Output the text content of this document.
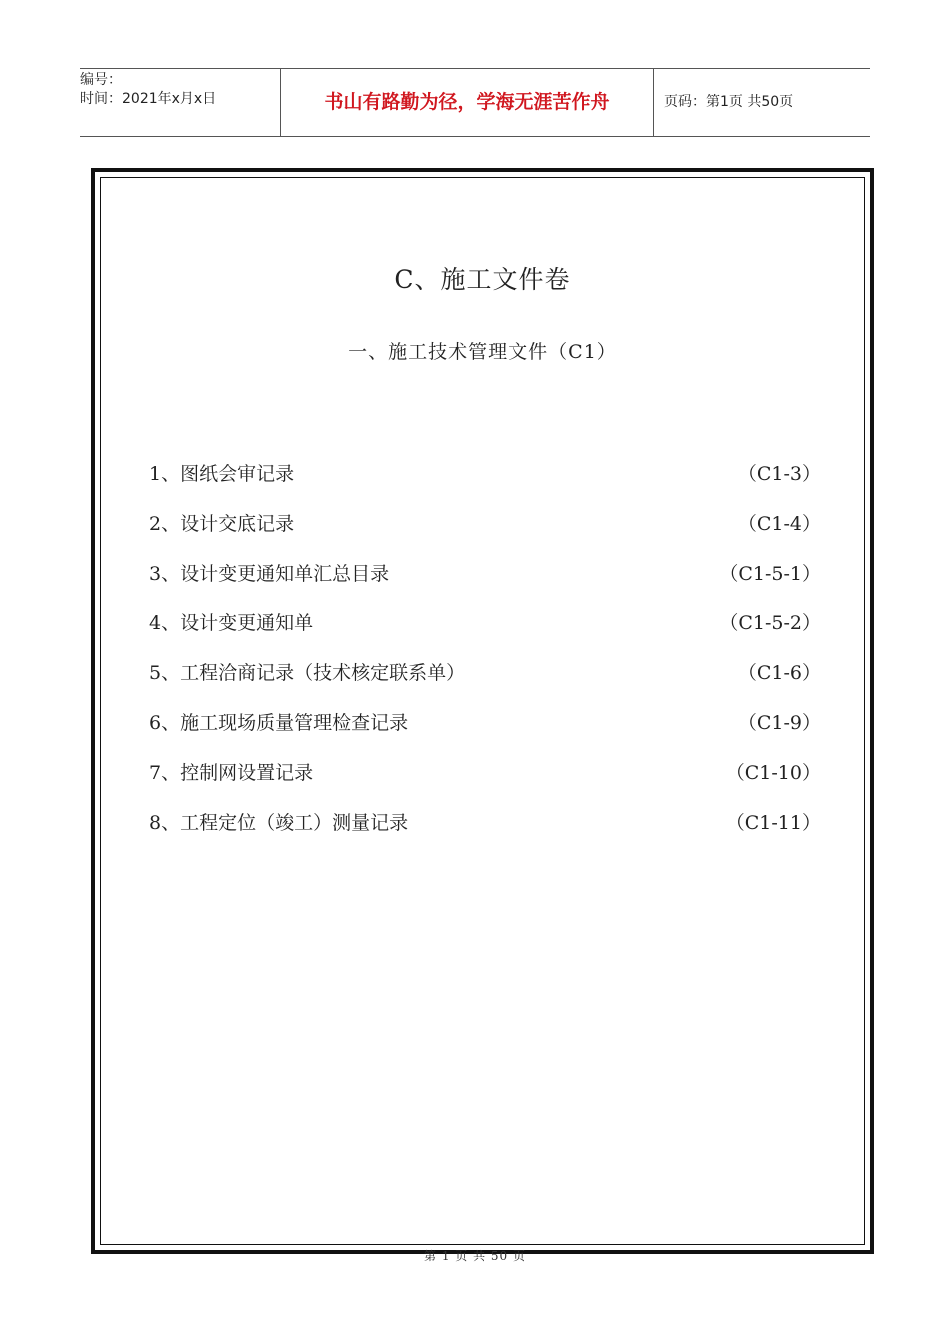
编号：
时间：2021年x月x日	书山有路勤为径，学海无涯苦作舟	页码：第1页 共50页
C、施工文件卷
一、施工技术管理文件（C1）
1、图纸会审记录	（C1-3）
2、设计交底记录	（C1-4）
3、设计变更通知单汇总目录	（C1-5-1）
4、设计变更通知单	（C1-5-2）
5、工程洽商记录（技术核定联系单）	（C1-6）
6、施工现场质量管理检查记录	（C1-9）
7、控制网设置记录	（C1-10）
8、工程定位（竣工）测量记录	（C1-11）
第 1 页 共 50 页
